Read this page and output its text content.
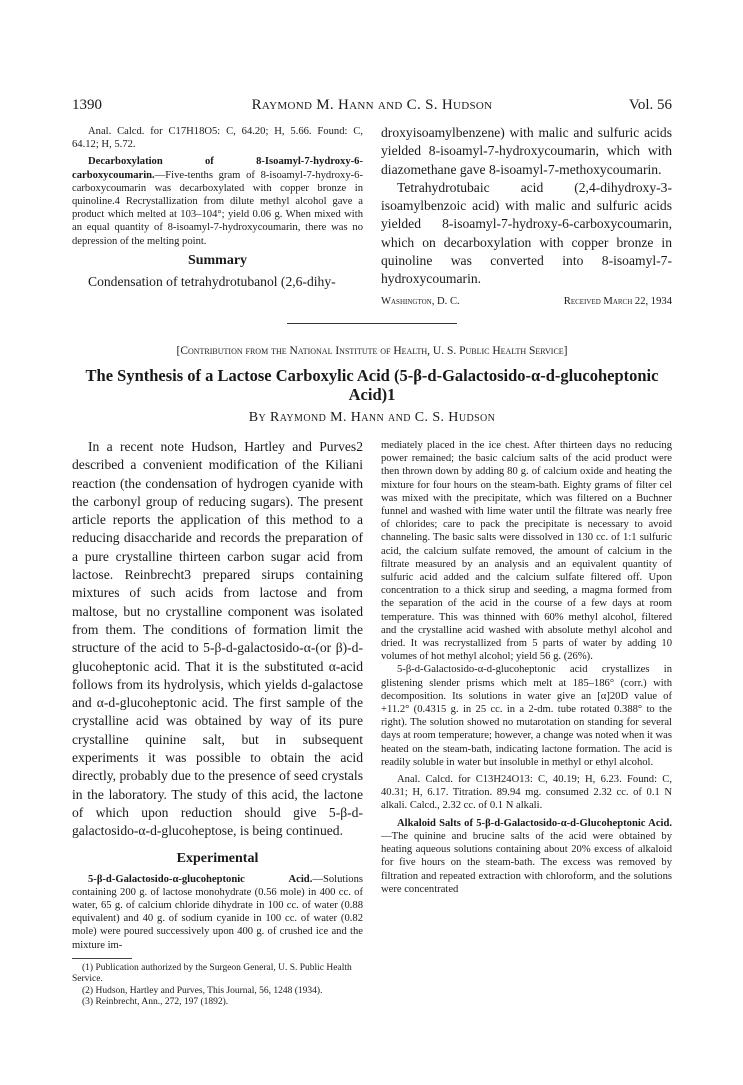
1390	Raymond M. Hann and C. S. Hudson	Vol. 56

Anal. Calcd. for C17H18O5: C, 64.20; H, 5.66. Found: C, 64.12; H, 5.72.

Decarboxylation of 8-Isoamyl-7-hydroxy-6-carboxycoumarin.—Five-tenths gram of 8-isoamyl-7-hydroxy-6-carboxycoumarin was decarboxylated with copper bronze in quinoline.4 Recrystallization from dilute methyl alcohol gave a product which melted at 103–104°; yield 0.06 g. When mixed with an equal quantity of 8-isoamyl-7-hydroxycoumarin, there was no depression of the melting point.

Summary

Condensation of tetrahydrotubanol (2,6-dihy-

droxyisoamylbenzene) with malic and sulfuric acids yielded 8-isoamyl-7-hydroxycoumarin, which with diazomethane gave 8-isoamyl-7-methoxycoumarin.

Tetrahydrotubaic acid (2,4-dihydroxy-3-isoamylbenzoic acid) with malic and sulfuric acids yielded 8-isoamyl-7-hydroxy-6-carboxycoumarin, which on decarboxylation with copper bronze in quinoline was converted into 8-isoamyl-7-hydroxycoumarin.

Washington, D. C.	Received March 22, 1934
[Contribution from the National Institute of Health, U. S. Public Health Service]
The Synthesis of a Lactose Carboxylic Acid (5-β-d-Galactosido-α-d-glucoheptonic Acid)1
By Raymond M. Hann and C. S. Hudson

In a recent note Hudson, Hartley and Purves2 described a convenient modification of the Kiliani reaction (the condensation of hydrogen cyanide with the carbonyl group of reducing sugars). The present article reports the application of this method to a reducing disaccharide and records the preparation of a pure crystalline thirteen carbon sugar acid from lactose. Reinbrecht3 prepared sirups containing mixtures of such acids from lactose and from maltose, but no crystalline component was isolated from them. The conditions of formation limit the structure of the acid to 5-β-d-galactosido-α-(or β)-d-glucoheptonic acid. That it is the substituted α-acid follows from its hydrolysis, which yields d-galactose and α-d-glucoheptonic acid. The first sample of the crystalline acid was obtained by way of its pure crystalline quinine salt, but in subsequent experiments it was possible to obtain the acid directly, probably due to the presence of seed crystals in the laboratory. The study of this acid, the lactone of which upon reduction should give 5-β-d-galactosido-α-d-glucoheptose, is being continued.

Experimental

5-β-d-Galactosido-α-glucoheptonic Acid.—Solutions containing 200 g. of lactose monohydrate (0.56 mole) in 400 cc. of water, 65 g. of calcium chloride dihydrate in 100 cc. of water (0.88 equivalent) and 40 g. of sodium cyanide in 100 cc. of water (0.82 mole) were poured successively upon 400 g. of crushed ice and the mixture im-

(1) Publication authorized by the Surgeon General, U. S. Public Health Service.

(2) Hudson, Hartley and Purves, This Journal, 56, 1248 (1934).

(3) Reinbrecht, Ann., 272, 197 (1892).

mediately placed in the ice chest. After thirteen days no reducing power remained; the basic calcium salts of the acid product were then thrown down by adding 80 g. of calcium oxide and heating the mixture for four hours on the steam-bath. Eighty grams of filter cel was mixed with the precipitate, which was filtered on a Buchner funnel and washed with lime water until the filtrate was nearly free of chlorides; care to pack the precipitate is necessary to avoid channeling. The basic salts were dissolved in 130 cc. of 1:1 sulfuric acid, the calcium sulfate removed, the amount of calcium in the filtrate measured by an analysis and an equivalent quantity of sulfuric acid added and the calcium sulfate filtered off. Upon concentration to a thick sirup and seeding, a magma formed from the separation of the acid in the course of a few days at room temperature. This was thinned with 60% methyl alcohol, filtered and the crystalline acid washed with absolute methyl alcohol and dried. It was recrystallized from 5 parts of water by adding 10 volumes of hot methyl alcohol; yield 56 g. (26%).

5-β-d-Galactosido-α-d-glucoheptonic acid crystallizes in glistening slender prisms which melt at 185–186° (corr.) with decomposition. Its solutions in water give an [α]20D value of +11.2° (0.4315 g. in 25 cc. in a 2-dm. tube rotated 0.388° to the right). The solution showed no mutarotation on standing for several days at room temperature; however, a change was noted when it was heated on the steam-bath, indicating lactone formation. The acid is readily soluble in water but insoluble in methyl or ethyl alcohol.

Anal. Calcd. for C13H24O13: C, 40.19; H, 6.23. Found: C, 40.31; H, 6.17. Titration. 89.94 mg. consumed 2.32 cc. of 0.1 N alkali. Calcd., 2.32 cc. of 0.1 N alkali.

Alkaloid Salts of 5-β-d-Galactosido-α-d-Glucoheptonic Acid.—The quinine and brucine salts of the acid were obtained by heating aqueous solutions containing about 20% excess of alkaloid for five hours on the steam-bath. The excess was removed by filtration and repeated extraction with chloroform, and the solutions were concentrated
